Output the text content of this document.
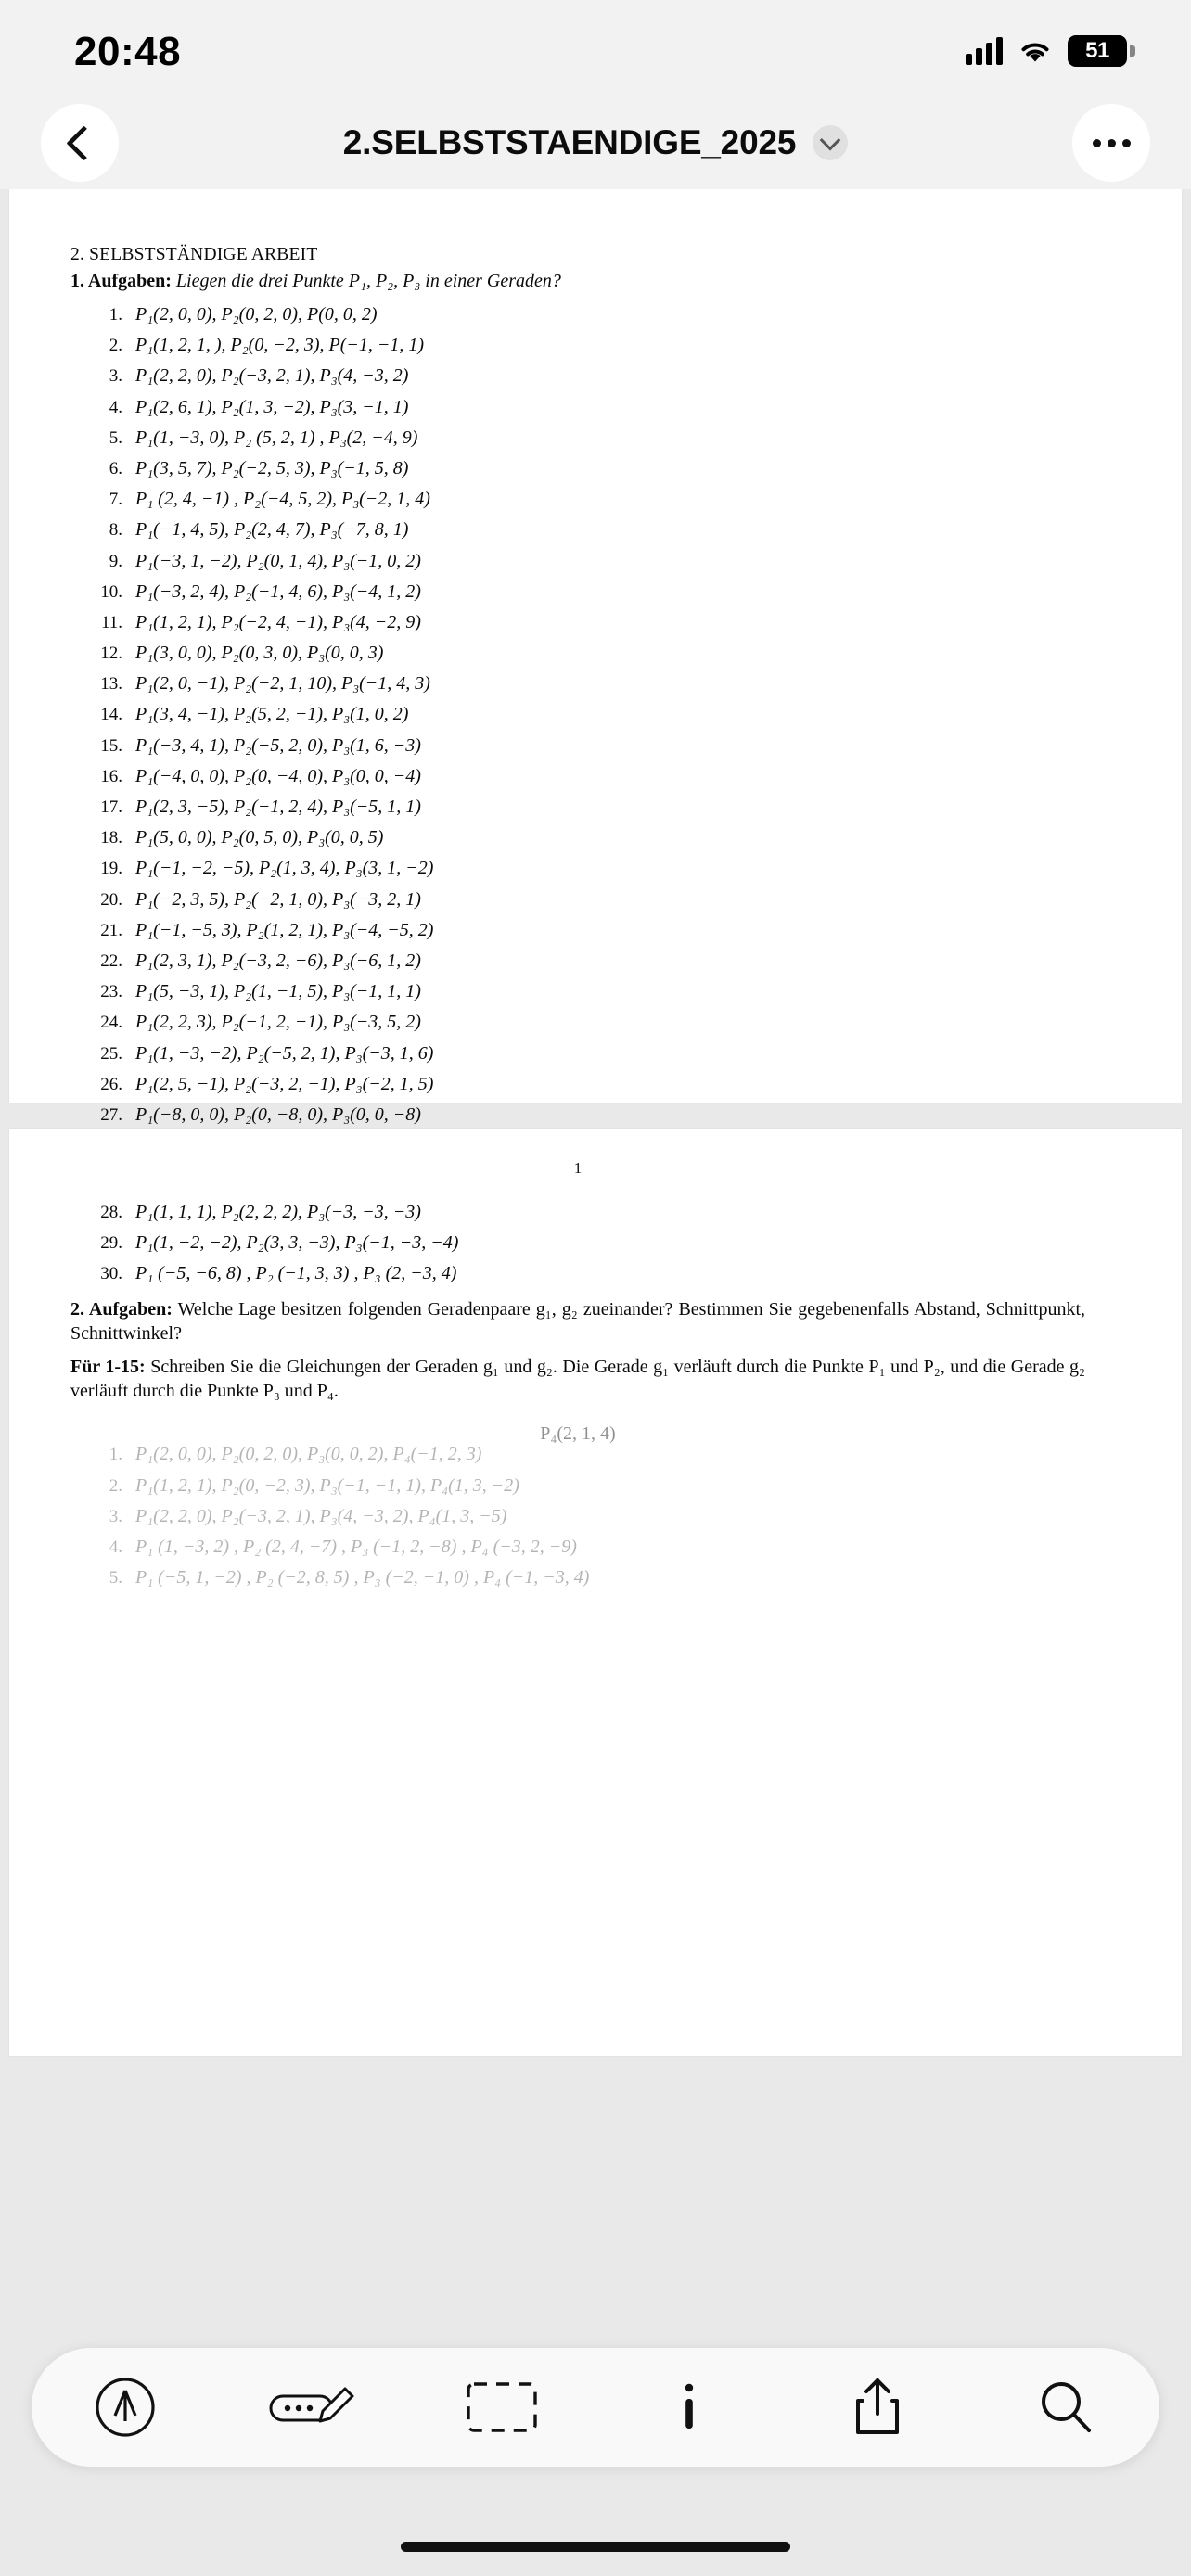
20:48	51
2.SELBSTSTAENDIGE_2025
2. SELBSTSTÄNDIGE ARBEIT
1. Aufgaben: Liegen die drei Punkte P₁, P₂, P₃ in einer Geraden?
1. P₁(2, 0, 0), P₂(0, 2, 0), P(0, 0, 2)
2. P₁(1, 2, 1, ), P₂(0, −2, 3), P(−1, −1, 1)
3. P₁(2, 2, 0), P₂(−3, 2, 1), P₃(4, −3, 2)
4. P₁(2, 6, 1), P₂(1, 3, −2), P₃(3, −1, 1)
5. P₁(1, −3, 0), P₂ (5, 2, 1) , P₃(2, −4, 9)
6. P₁(3, 5, 7), P₂(−2, 5, 3), P₃(−1, 5, 8)
7. P₁ (2, 4, −1) , P₂(−4, 5, 2), P₃(−2, 1, 4)
8. P₁(−1, 4, 5), P₂(2, 4, 7), P₃(−7, 8, 1)
9. P₁(−3, 1, −2), P₂(0, 1, 4), P₃(−1, 0, 2)
10. P₁(−3, 2, 4), P₂(−1, 4, 6), P₃(−4, 1, 2)
11. P₁(1, 2, 1), P₂(−2, 4, −1), P₃(4, −2, 9)
12. P₁(3, 0, 0), P₂(0, 3, 0), P₃(0, 0, 3)
13. P₁(2, 0, −1), P₂(−2, 1, 10), P₃(−1, 4, 3)
14. P₁(3, 4, −1), P₂(5, 2, −1), P₃(1, 0, 2)
15. P₁(−3, 4, 1), P₂(−5, 2, 0), P₃(1, 6, −3)
16. P₁(−4, 0, 0), P₂(0, −4, 0), P₃(0, 0, −4)
17. P₁(2, 3, −5), P₂(−1, 2, 4), P₃(−5, 1, 1)
18. P₁(5, 0, 0), P₂(0, 5, 0), P₃(0, 0, 5)
19. P₁(−1, −2, −5), P₂(1, 3, 4), P₃(3, 1, −2)
20. P₁(−2, 3, 5), P₂(−2, 1, 0), P₃(−3, 2, 1)
21. P₁(−1, −5, 3), P₂(1, 2, 1), P₃(−4, −5, 2)
22. P₁(2, 3, 1), P₂(−3, 2, −6), P₃(−6, 1, 2)
23. P₁(5, −3, 1), P₂(1, −1, 5), P₃(−1, 1, 1)
24. P₁(2, 2, 3), P₂(−1, 2, −1), P₃(−3, 5, 2)
25. P₁(1, −3, −2), P₂(−5, 2, 1), P₃(−3, 1, 6)
26. P₁(2, 5, −1), P₂(−3, 2, −1), P₃(−2, 1, 5)
27. P₁(−8, 0, 0), P₂(0, −8, 0), P₃(0, 0, −8)
1
28. P₁(1, 1, 1), P₂(2, 2, 2), P₃(−3, −3, −3)
29. P₁(1, −2, −2), P₂(3, 3, −3), P₃(−1, −3, −4)
30. P₁ (−5, −6, 8) , P₂ (−1, 3, 3) , P₃ (2, −3, 4)
2. Aufgaben: Welche Lage besitzen folgenden Geradenpaare g₁, g₂ zueinander? Bestimmen Sie gegebenenfalls Abstand, Schnittpunkt, Schnittwinkel?
Für 1-15: Schreiben Sie die Gleichungen der Geraden g₁ und g₂. Die Gerade g₁ verläuft durch die Punkte P₁ und P₂, und die Gerade g₂ verläuft durch die Punkte P₃ und P₄.
P₄(2, 1, 4)
1. P₁(2, 0, 0), P₂(0, 2, 0), P₃(0, 0, 2), P₄(−1, 2, 3)
2. P₁(1, 2, 1), P₂(0, −2, 3), P₃(−1, −1, 1), P₄(1, 3, −2)
3. P₁(2, 2, 0), P₂(−3, 2, 1), P₃(4, −3, 2), P₄(1, 3, −5)
4. P₁ (1, −3, 2) , P₂ (2, 4, −7) , P₃ (−1, 2, −8) , P₄ (−3, 2, −9)
5. P₁ (−5, 1, −2) , P₂ (−2, 8, 5) , P₃ (−2, −1, 0) , P₄ (−1, −3, 4)
